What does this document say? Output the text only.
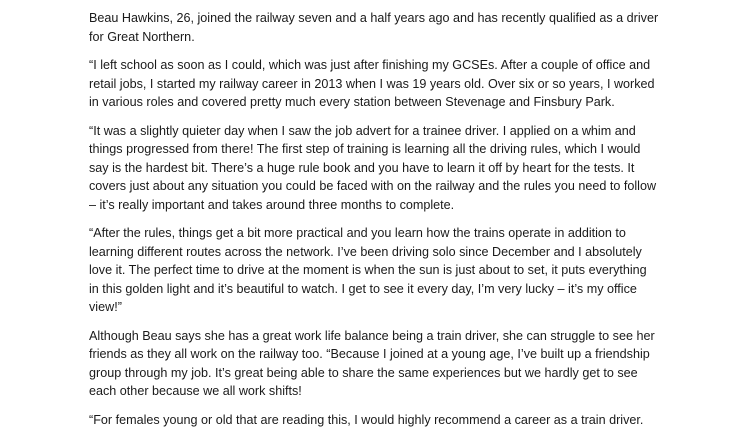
Beau Hawkins, 26, joined the railway seven and a half years ago and has recently qualified as a driver for Great Northern.

“I left school as soon as I could, which was just after finishing my GCSEs. After a couple of office and retail jobs, I started my railway career in 2013 when I was 19 years old. Over six or so years, I worked in various roles and covered pretty much every station between Stevenage and Finsbury Park.

“It was a slightly quieter day when I saw the job advert for a trainee driver. I applied on a whim and things progressed from there! The first step of training is learning all the driving rules, which I would say is the hardest bit. There’s a huge rule book and you have to learn it off by heart for the tests. It covers just about any situation you could be faced with on the railway and the rules you need to follow – it’s really important and takes around three months to complete.

“After the rules, things get a bit more practical and you learn how the trains operate in addition to learning different routes across the network. I’ve been driving solo since December and I absolutely love it. The perfect time to drive at the moment is when the sun is just about to set, it puts everything in this golden light and it’s beautiful to watch. I get to see it every day, I’m very lucky – it’s my office view!”

Although Beau says she has a great work life balance being a train driver, she can struggle to see her friends as they all work on the railway too. “Because I joined at a young age, I’ve built up a friendship group through my job. It’s great being able to share the same experiences but we hardly get to see each other because we all work shifts!

“For females young or old that are reading this, I would highly recommend a career as a train driver.
